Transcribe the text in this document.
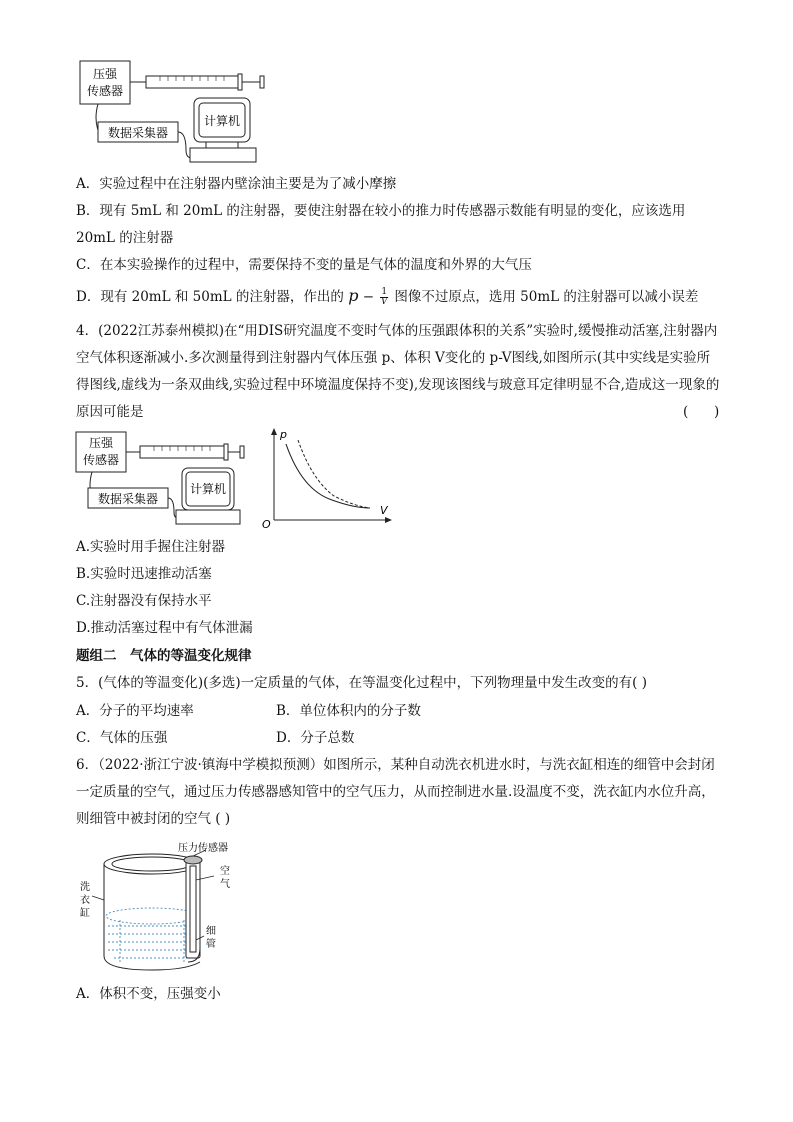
压强
传感器
数据采集器
计算机
A．实验过程中在注射器内壁涂油主要是为了减小摩擦
B．现有 5mL 和 20mL 的注射器，要使注射器在较小的推力时传感器示数能有明显的变化，应该选用
20mL 的注射器
C．在本实验操作的过程中，需要保持不变的量是气体的温度和外界的大气压
D．现有 20mL 和 50mL 的注射器，作出的 $p - \frac{1}{V}$ 图像不过原点，选用 50mL 的注射器可以减小误差
4．(2022江苏泰州模拟)在“用DIS研究温度不变时气体的压强跟体积的关系”实验时,缓慢推动活塞,注射器内空气体积逐渐减小.多次测量得到注射器内气体压强 p、体积 V变化的 p-V图线,如图所示(其中实线是实验所得图线,虚线为一条双曲线,实验过程中环境温度保持不变),发现该图线与玻意耳定律明显不合,造成这一现象的原因可能是	(      )
压强
传感器
数据采集器
计算机
p
V
O
A.实验时用手握住注射器
B.实验时迅速推动活塞
C.注射器没有保持水平
D.推动活塞过程中有气体泄漏
题组二　气体的等温变化规律
5．(气体的等温变化)(多选)一定质量的气体，在等温变化过程中，下列物理量中发生改变的有( )
A．分子的平均速率	B．单位体积内的分子数
C．气体的压强	D．分子总数
6．（2022·浙江宁波·镇海中学模拟预测）如图所示，某种自动洗衣机进水时，与洗衣缸相连的细管中会封闭一定质量的空气，通过压力传感器感知管中的空气压力，从而控制进水量.设温度不变，洗衣缸内水位升高，则细管中被封闭的空气 ( )
压力传感器
洗
衣
缸
空
气
细
管
A．体积不变，压强变小
